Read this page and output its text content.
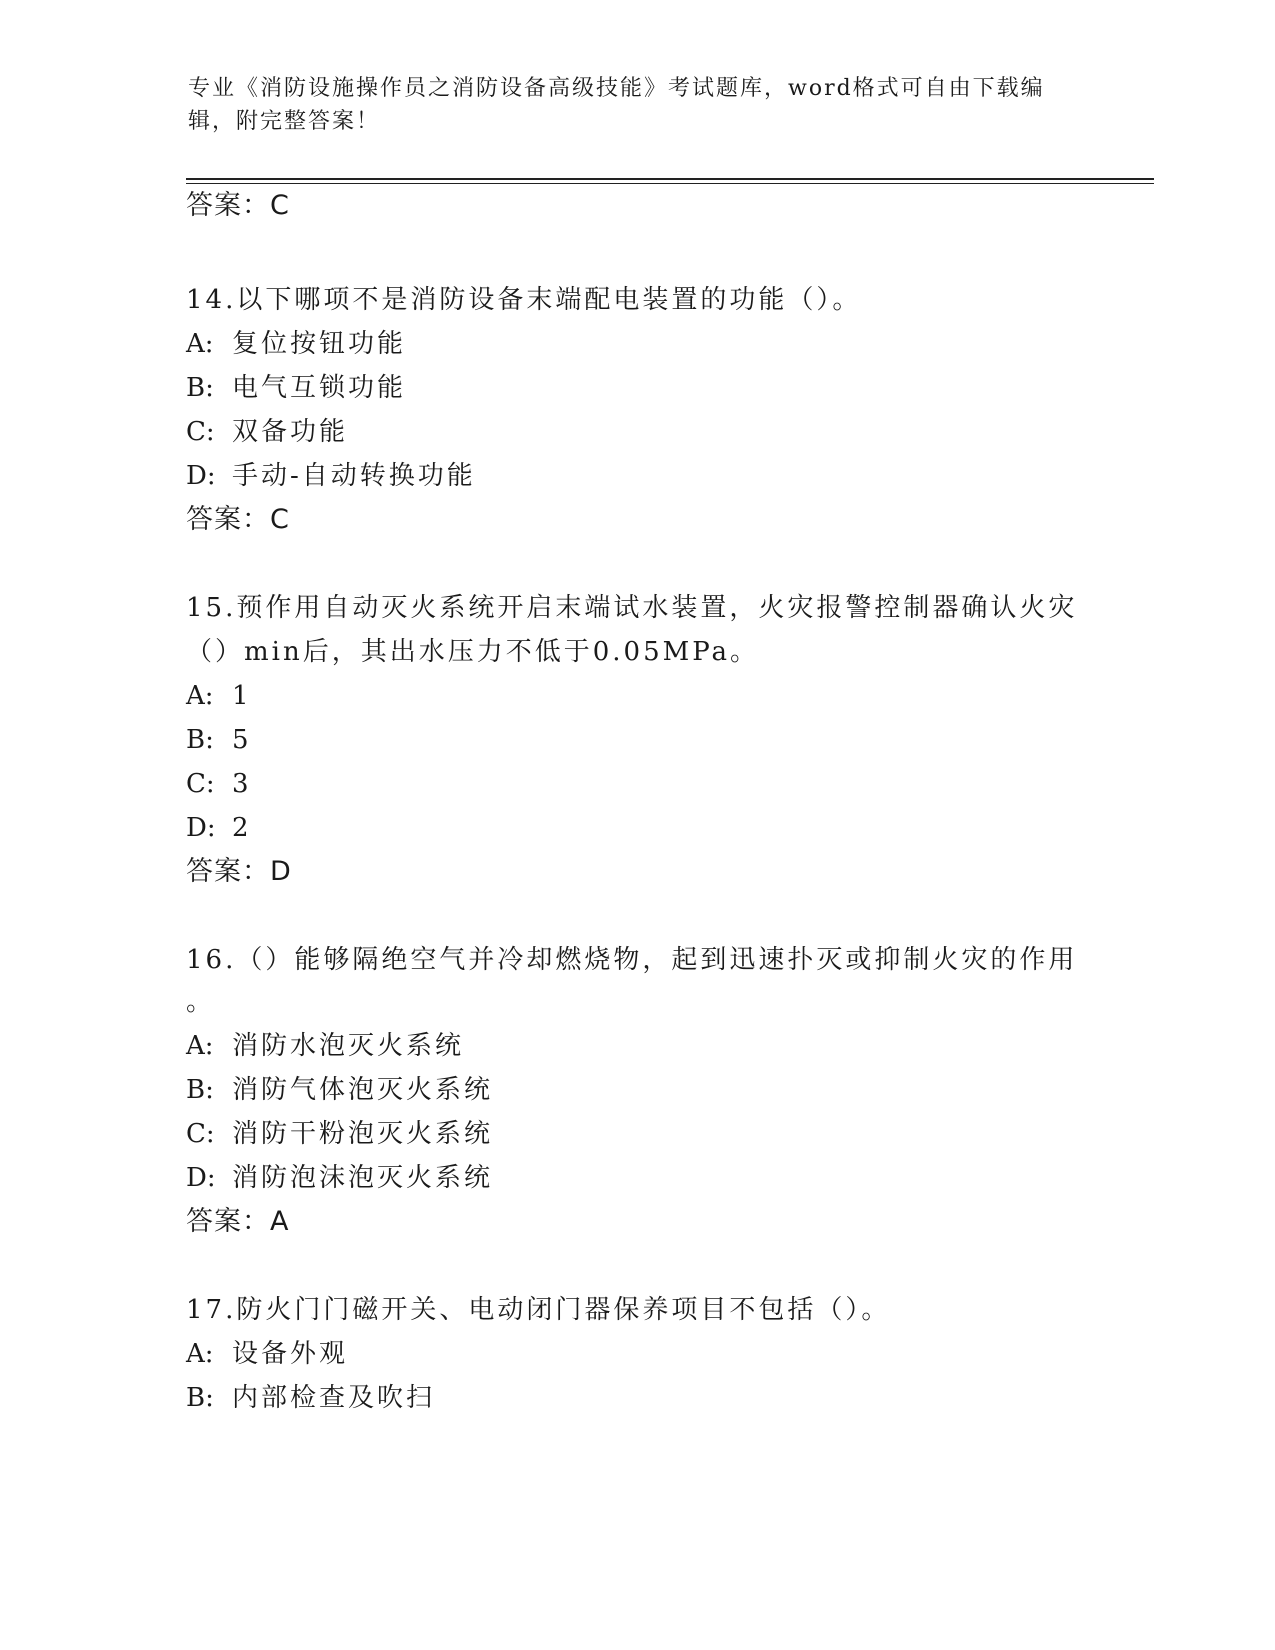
专业《消防设施操作员之消防设备高级技能》考试题库，word格式可自由下载编辑，附完整答案！
答案：C
14.以下哪项不是消防设备末端配电装置的功能（）。
A: 复位按钮功能
B: 电气互锁功能
C: 双备功能
D: 手动-自动转换功能
答案：C
15.预作用自动灭火系统开启末端试水装置，火灾报警控制器确认火灾
（）min后，其出水压力不低于0.05MPa。
A: 1
B: 5
C: 3
D: 2
答案：D
16.（）能够隔绝空气并冷却燃烧物，起到迅速扑灭或抑制火灾的作用
。
A: 消防水泡灭火系统
B: 消防气体泡灭火系统
C: 消防干粉泡灭火系统
D: 消防泡沫泡灭火系统
答案：A
17.防火门门磁开关、电动闭门器保养项目不包括（）。
A: 设备外观
B: 内部检查及吹扫
